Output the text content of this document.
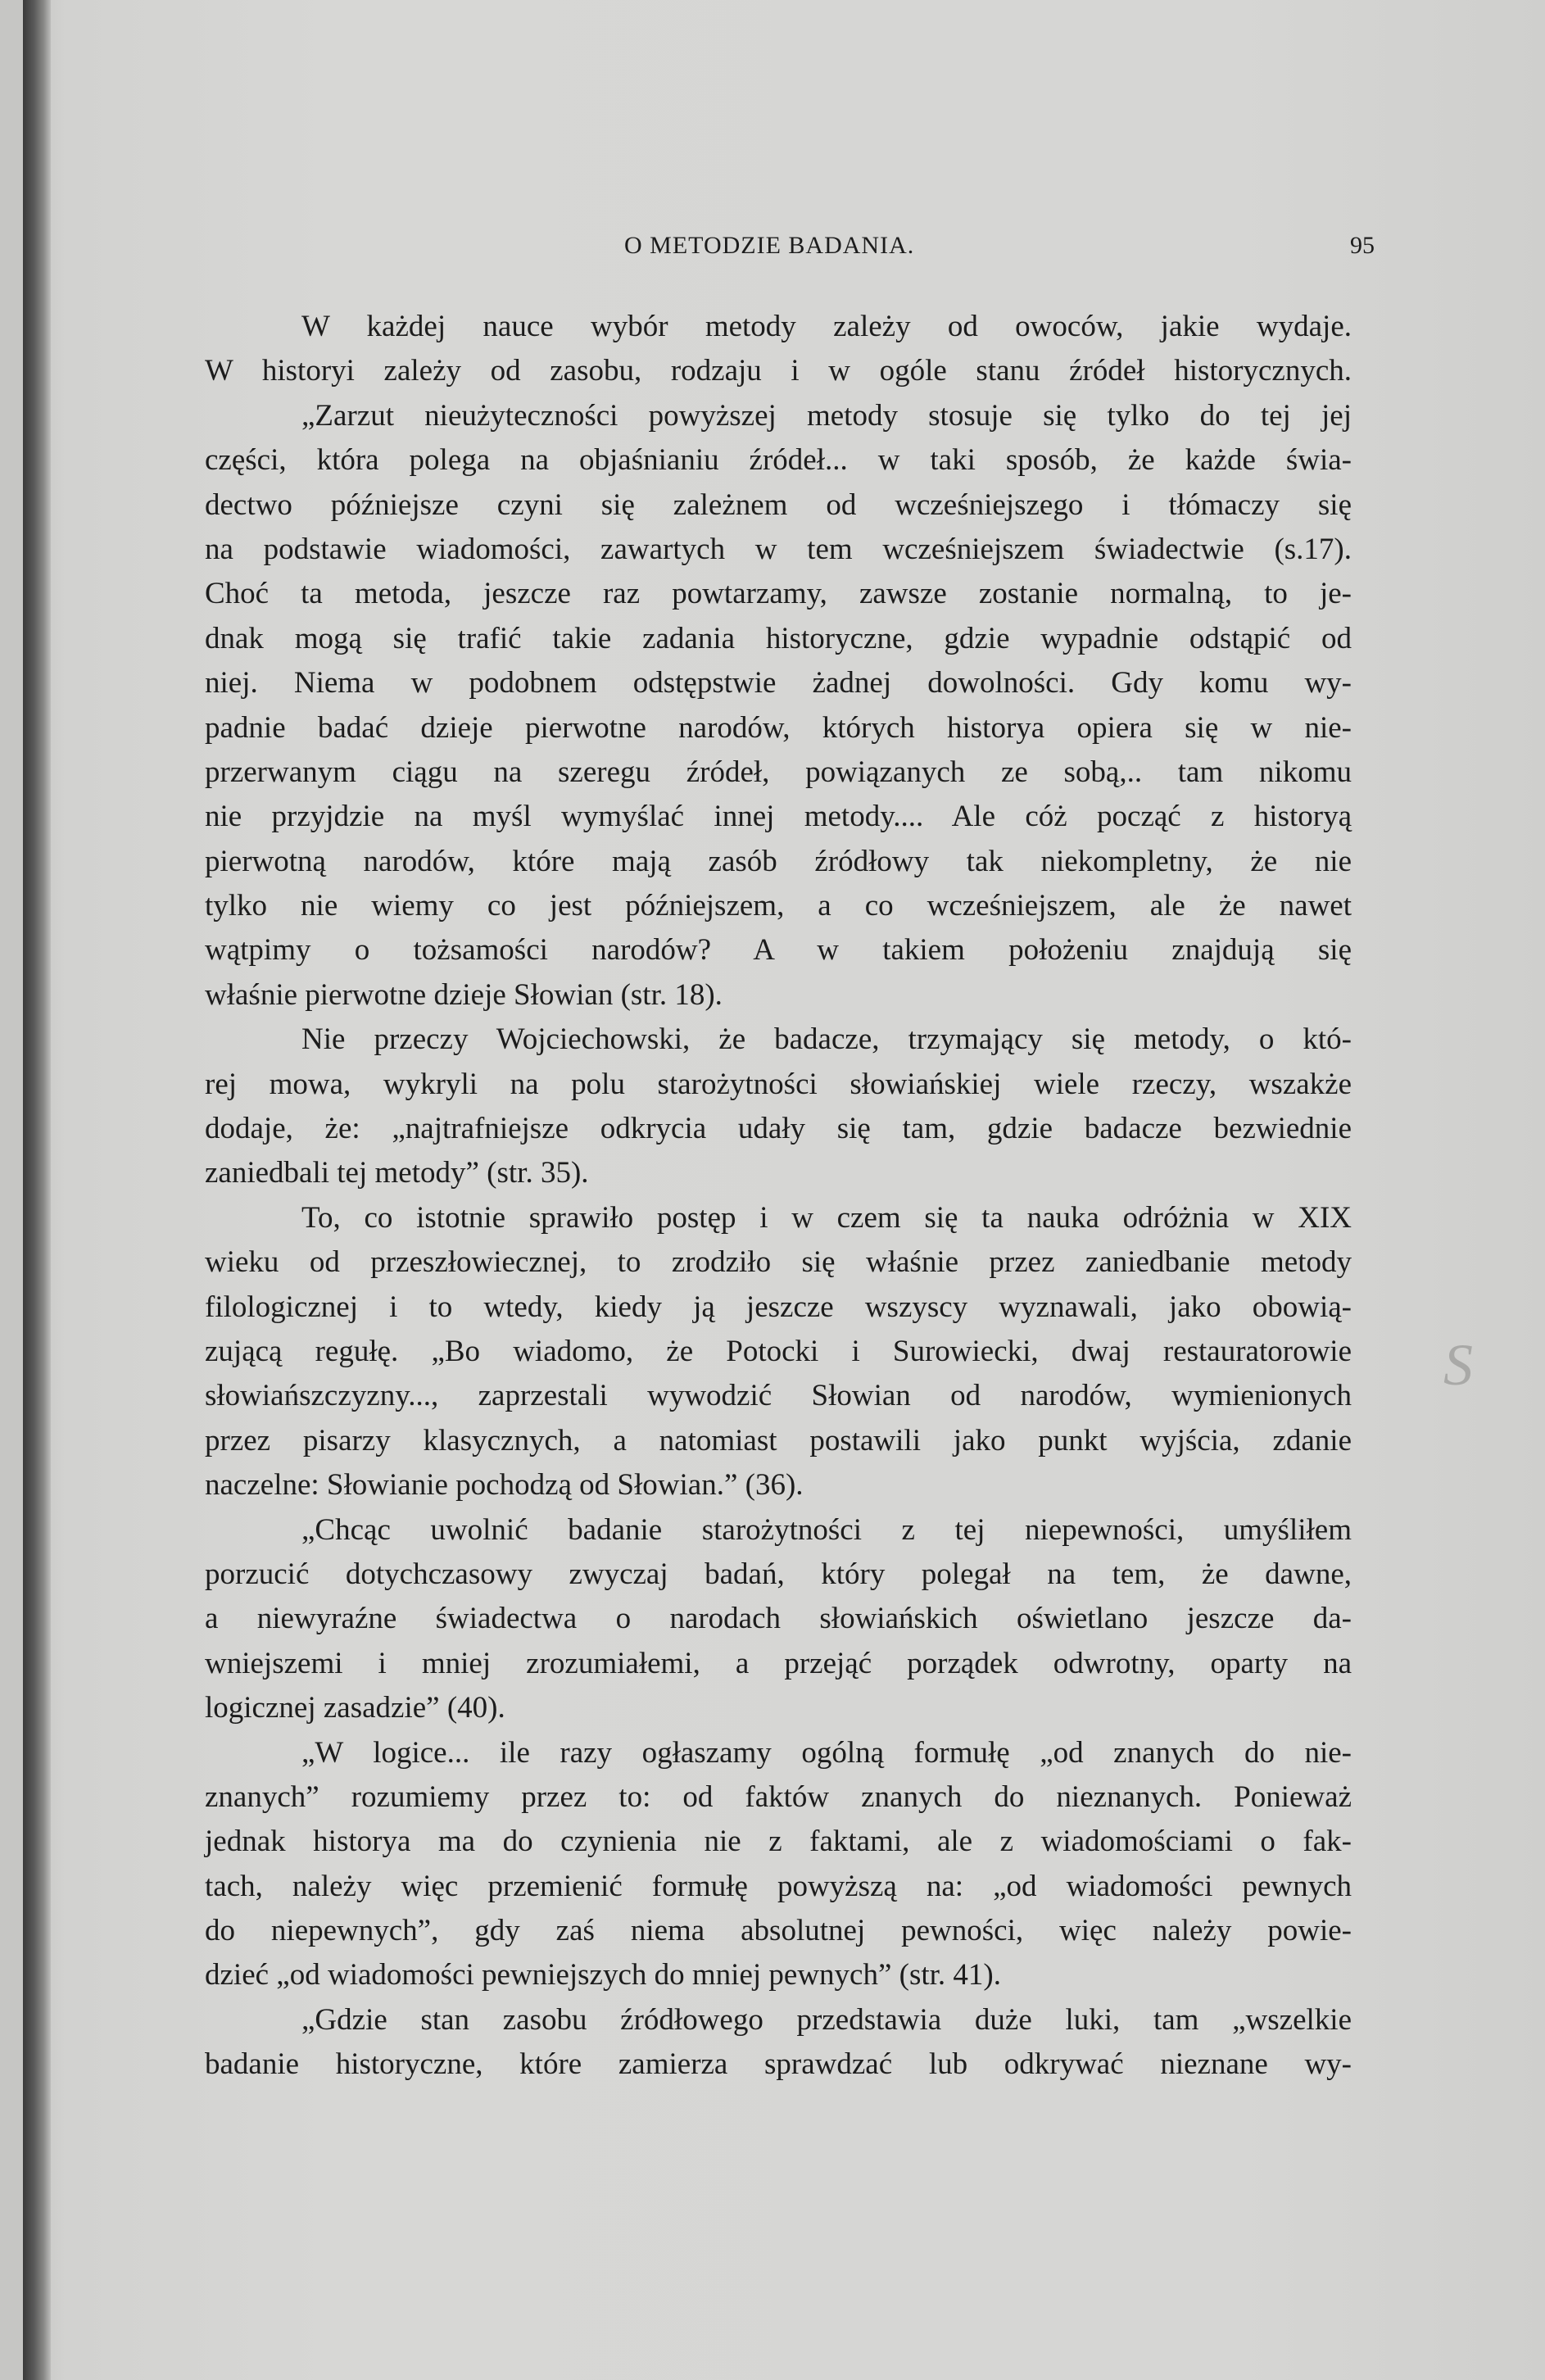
O METODZIE BADANIA.	95
W każdej nauce wybór metody zależy od owoców, jakie wydaje.
W historyi zależy od zasobu, rodzaju i w ogóle stanu źródeł historycznych.
„Zarzut nieużyteczności powyższej metody stosuje się tylko do tej jej
części, która polega na objaśnianiu źródeł... w taki sposób, że każde świa-
dectwo późniejsze czyni się zależnem od wcześniejszego i tłómaczy się
na podstawie wiadomości, zawartych w tem wcześniejszem świadectwie (s.17).
Choć ta metoda, jeszcze raz powtarzamy, zawsze zostanie normalną, to je-
dnak mogą się trafić takie zadania historyczne, gdzie wypadnie odstąpić od
niej. Niema w podobnem odstępstwie żadnej dowolności. Gdy komu wy-
padnie badać dzieje pierwotne narodów, których historya opiera się w nie-
przerwanym ciągu na szeregu źródeł, powiązanych ze sobą,.. tam nikomu
nie przyjdzie na myśl wymyślać innej metody.... Ale cóż począć z historyą
pierwotną narodów, które mają zasób źródłowy tak niekompletny, że nie
tylko nie wiemy co jest późniejszem, a co wcześniejszem, ale że nawet
wątpimy o tożsamości narodów? A w takiem położeniu znajdują się
właśnie pierwotne dzieje Słowian (str. 18).
Nie przeczy Wojciechowski, że badacze, trzymający się metody, o któ-
rej mowa, wykryli na polu starożytności słowiańskiej wiele rzeczy, wszakże
dodaje, że: „najtrafniejsze odkrycia udały się tam, gdzie badacze bezwiednie
zaniedbali tej metody” (str. 35).
To, co istotnie sprawiło postęp i w czem się ta nauka odróżnia w XIX
wieku od przeszłowiecznej, to zrodziło się właśnie przez zaniedbanie metody
filologicznej i to wtedy, kiedy ją jeszcze wszyscy wyznawali, jako obowią-
zującą regułę. „Bo wiadomo, że Potocki i Surowiecki, dwaj restauratorowie
słowiańszczyzny..., zaprzestali wywodzić Słowian od narodów, wymienionych
przez pisarzy klasycznych, a natomiast postawili jako punkt wyjścia, zdanie
naczelne: Słowianie pochodzą od Słowian.” (36).
„Chcąc uwolnić badanie starożytności z tej niepewności, umyśliłem
porzucić dotychczasowy zwyczaj badań, który polegał na tem, że dawne,
a niewyraźne świadectwa o narodach słowiańskich oświetlano jeszcze da-
wniejszemi i mniej zrozumiałemi, a przejąć porządek odwrotny, oparty na
logicznej zasadzie” (40).
„W logice... ile razy ogłaszamy ogólną formułę „od znanych do nie-
znanych” rozumiemy przez to: od faktów znanych do nieznanych. Ponieważ
jednak historya ma do czynienia nie z faktami, ale z wiadomościami o fak-
tach, należy więc przemienić formułę powyższą na: „od wiadomości pewnych
do niepewnych”, gdy zaś niema absolutnej pewności, więc należy powie-
dzieć „od wiadomości pewniejszych do mniej pewnych” (str. 41).
„Gdzie stan zasobu źródłowego przedstawia duże luki, tam „wszelkie
badanie historyczne, które zamierza sprawdzać lub odkrywać nieznane wy-
S
